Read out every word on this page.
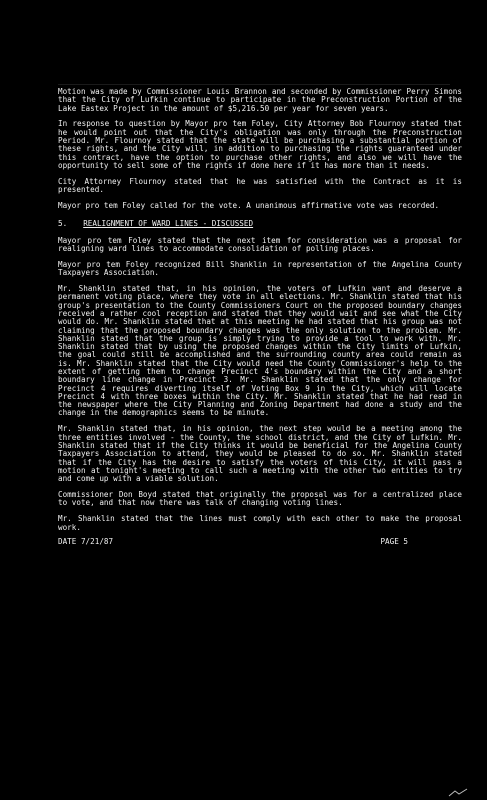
Motion was made by Commissioner Louis Brannon and seconded by Commissioner Perry Simons that the City of Lufkin continue to participate in the Preconstruction Portion of the Lake Eastex Project in the amount of $5,216.50 per year for seven years.

In response to question by Mayor pro tem Foley, City Attorney Bob Flournoy stated that he would point out that the City's obligation was only through the Preconstruction Period. Mr. Flournoy stated that the state will be purchasing a substantial portion of these rights, and the City will, in addition to purchasing the rights guaranteed under this contract, have the option to purchase other rights, and also we will have the opportunity to sell some of the rights if done here if it has more than it needs.

City Attorney Flournoy stated that he was satisfied with the Contract as it is presented.

Mayor pro tem Foley called for the vote. A unanimous affirmative vote was recorded.

5. REALIGNMENT OF WARD LINES - DISCUSSED

Mayor pro tem Foley stated that the next item for consideration was a proposal for realigning ward lines to accommodate consolidation of polling places.

Mayor pro tem Foley recognized Bill Shanklin in representation of the Angelina County Taxpayers Association.

Mr. Shanklin stated that, in his opinion, the voters of Lufkin want and deserve a permanent voting place, where they vote in all elections. Mr. Shanklin stated that his group's presentation to the County Commissioners Court on the proposed boundary changes received a rather cool reception and stated that they would wait and see what the City would do. Mr. Shanklin stated that at this meeting he had stated that his group was not claiming that the proposed boundary changes was the only solution to the problem. Mr. Shanklin stated that the group is simply trying to provide a tool to work with. Mr. Shanklin stated that by using the proposed changes within the City limits of Lufkin, the goal could still be accomplished and the surrounding county area could remain as is. Mr. Shanklin stated that the City would need the County Commissioner's help to the extent of getting them to change Precinct 4's boundary within the City and a short boundary line change in Precinct 3. Mr. Shanklin stated that the only change for Precinct 4 requires diverting itself of Voting Box 9 in the City, which will locate Precinct 4 with three boxes within the City. Mr. Shanklin stated that he had read in the newspaper where the City Planning and Zoning Department had done a study and the change in the demographics seems to be minute.

Mr. Shanklin stated that, in his opinion, the next step would be a meeting among the three entities involved - the County, the school district, and the City of Lufkin. Mr. Shanklin stated that if the City thinks it would be beneficial for the Angelina County Taxpayers Association to attend, they would be pleased to do so. Mr. Shanklin stated that if the City has the desire to satisfy the voters of this City, it will pass a motion at tonight's meeting to call such a meeting with the other two entities to try and come up with a viable solution.

Commissioner Don Boyd stated that originally the proposal was for a centralized place to vote, and that now there was talk of changing voting lines.

Mr. Shanklin stated that the lines must comply with each other to make the proposal work.

DATE 7/21/87	PAGE 5
